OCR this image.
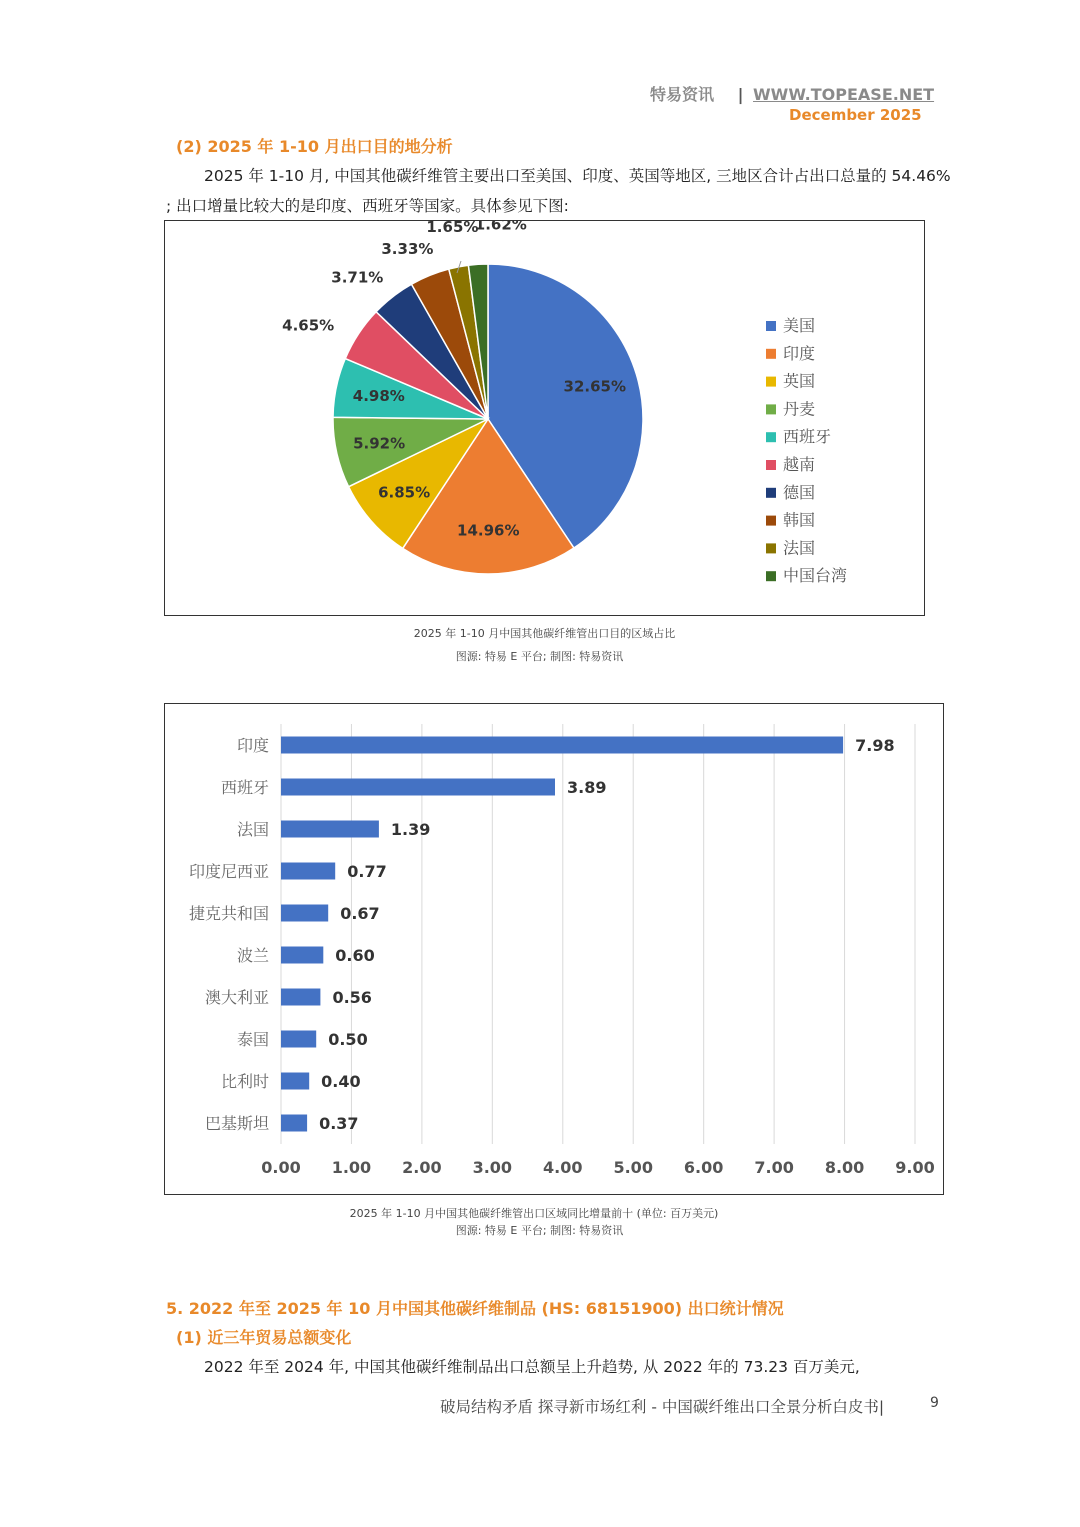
特易资讯 | WWW.TOPEASE.NET
December 2025
(2) 2025 年 1-10 月出口目的地分析
2025 年 1-10 月, 中国其他碳纤维管主要出口至美国、印度、英国等地区, 三地区合计占出口总量的 54.46%
; 出口增量比较大的是印度、西班牙等国家。具体参见下图:
32.65%
14.96%
6.85%
5.92%
4.98%
4.65%
3.71%
3.33%
1.65%
1.62%
美国
印度
英国
丹麦
西班牙
越南
德国
韩国
法国
中国台湾
2025 年 1-10 月中国其他碳纤维管出口目的区域占比
图源: 特易 E 平台; 制图: 特易资讯
0.00 1.00 2.00 3.00 4.00 5.00 6.00 7.00 8.00 9.00
印度	7.98
西班牙	3.89
法国	1.39
印度尼西亚	0.77
捷克共和国	0.67
波兰	0.60
澳大利亚	0.56
泰国	0.50
比利时	0.40
巴基斯坦	0.37
2025 年 1-10 月中国其他碳纤维管出口区域同比增量前十 (单位: 百万美元)
图源: 特易 E 平台; 制图: 特易资讯
5. 2022 年至 2025 年 10 月中国其他碳纤维制品 (HS: 68151900) 出口统计情况
(1) 近三年贸易总额变化
2022 年至 2024 年, 中国其他碳纤维制品出口总额呈上升趋势, 从 2022 年的 73.23 百万美元,
破局结构矛盾 探寻新市场红利 - 中国碳纤维出口全景分析白皮书|	9
